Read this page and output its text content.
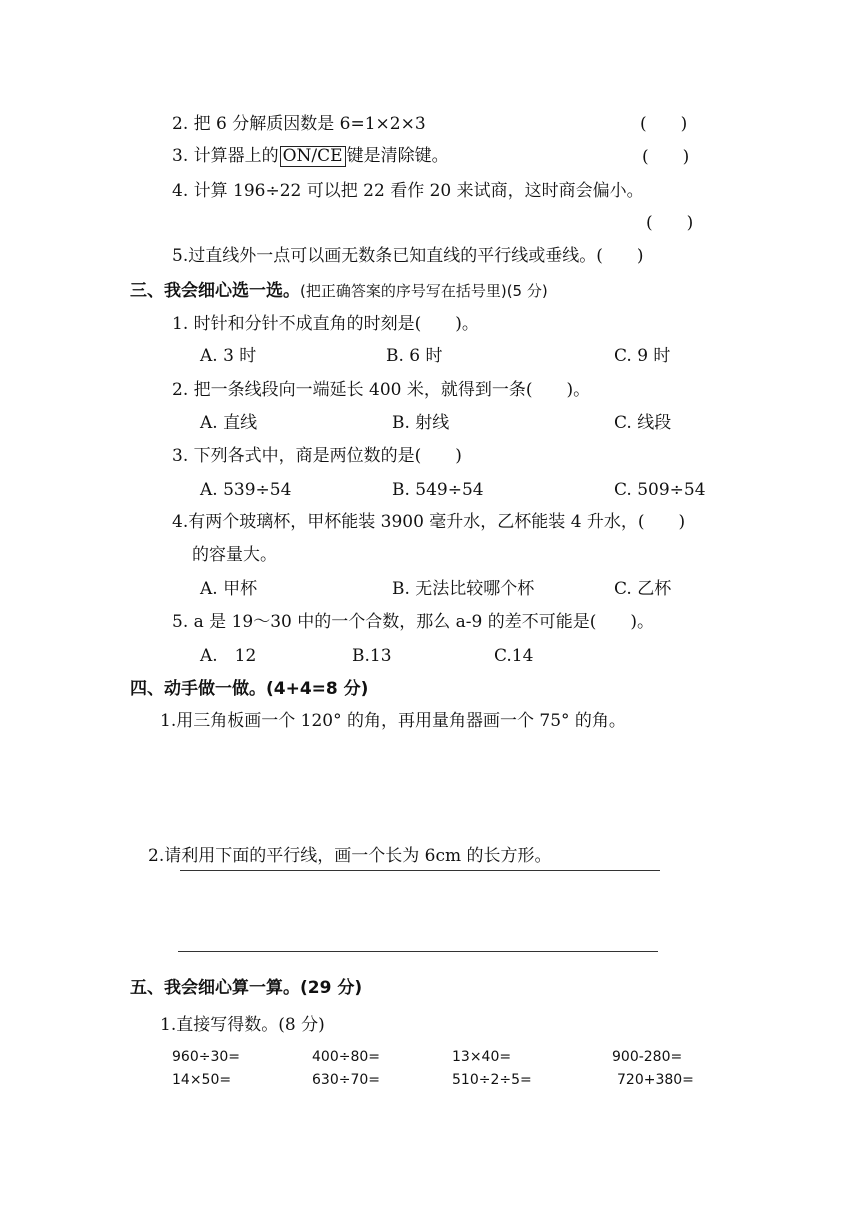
2. 把 6 分解质因数是 6=1×2×3	(　　)
3. 计算器上的 ON/CE 键是清除键。	(　　)
4. 计算 196÷22 可以把 22 看作 20 来试商，这时商会偏小。
(　　)
5.过直线外一点可以画无数条已知直线的平行线或垂线。(　　)
三、我会细心选一选。(把正确答案的序号写在括号里)(5 分)
1. 时针和分针不成直角的时刻是(　　)。
A. 3 时	B. 6 时	C. 9 时
2. 把一条线段向一端延长 400 米，就得到一条(　　)。
A. 直线	B. 射线	C. 线段
3. 下列各式中，商是两位数的是(　　)
A. 539÷54	B. 549÷54	C. 509÷54
4.有两个玻璃杯，甲杯能装 3900 毫升水，乙杯能装 4 升水，(　　)
的容量大。
A. 甲杯	B. 无法比较哪个杯	C. 乙杯
5. a 是 19～30 中的一个合数，那么 a-9 的差不可能是(　　)。
A.　12	B.13	C.14
四、动手做一做。(4+4=8 分)
1.用三角板画一个 120° 的角，再用量角器画一个 75° 的角。
2.请利用下面的平行线，画一个长为 6cm 的长方形。
五、我会细心算一算。(29 分)
1.直接写得数。(8 分)
960÷30=	400÷80=	13×40=	900-280=
14×50=	630÷70=	510÷2÷5=	720+380=
